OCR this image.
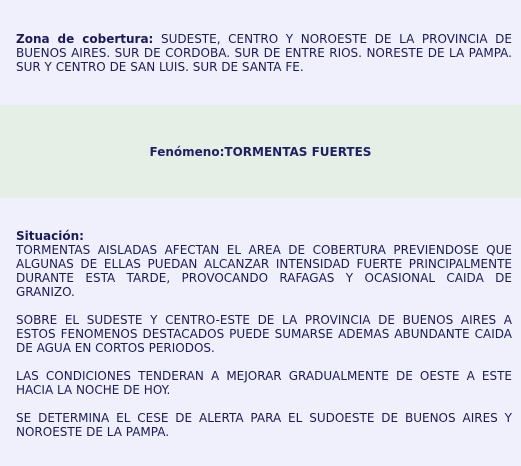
Zona de cobertura: SUDESTE, CENTRO Y NOROESTE DE LA PROVINCIA DE BUENOS AIRES. SUR DE CORDOBA. SUR DE ENTRE RIOS. NORESTE DE LA PAMPA. SUR Y CENTRO DE SAN LUIS. SUR DE SANTA FE.
Fenómeno: TORMENTAS FUERTES
Situación:

TORMENTAS AISLADAS AFECTAN EL AREA DE COBERTURA PREVIENDOSE QUE ALGUNAS DE ELLAS PUEDAN ALCANZAR INTENSIDAD FUERTE PRINCIPALMENTE DURANTE ESTA TARDE, PROVOCANDO RAFAGAS Y OCASIONAL CAIDA DE GRANIZO.

SOBRE EL SUDESTE Y CENTRO-ESTE DE LA PROVINCIA DE BUENOS AIRES A ESTOS FENOMENOS DESTACADOS PUEDE SUMARSE ADEMAS ABUNDANTE CAIDA DE AGUA EN CORTOS PERIODOS.

LAS CONDICIONES TENDERAN A MEJORAR GRADUALMENTE DE OESTE A ESTE HACIA LA NOCHE DE HOY.

SE DETERMINA EL CESE DE ALERTA PARA EL SUDOESTE DE BUENOS AIRES Y NOROESTE DE LA PAMPA.
